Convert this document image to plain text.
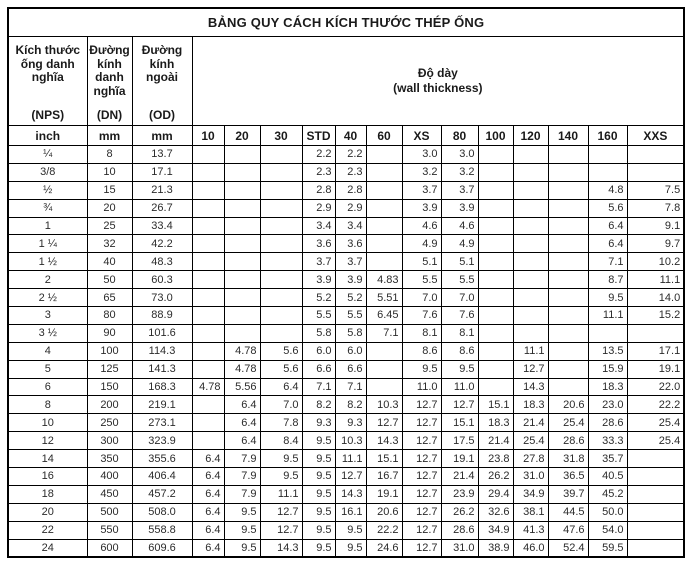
BẢNG QUY CÁCH KÍCH THƯỚC THÉP ỐNG															

Kích thước ống danh nghĩa
(NPS)

Đường kính danh nghĩa
(DN)

Đường kính ngoài
(OD)

Độ dày
(wall thickness)

inch	mm	mm	10	20	30	STD	40	60	XS	80	100	120	140	160	XXS
¼	8	13.7				2.2	2.2		3.0	3.0					
3/8	10	17.1				2.3	2.3		3.2	3.2					
½	15	21.3				2.8	2.8		3.7	3.7				4.8	7.5
¾	20	26.7				2.9	2.9		3.9	3.9				5.6	7.8
1	25	33.4				3.4	3.4		4.6	4.6				6.4	9.1
1 ¼	32	42.2				3.6	3.6		4.9	4.9				6.4	9.7
1 ½	40	48.3				3.7	3.7		5.1	5.1				7.1	10.2
2	50	60.3				3.9	3.9	4.83	5.5	5.5				8.7	11.1
2 ½	65	73.0				5.2	5.2	5.51	7.0	7.0				9.5	14.0
3	80	88.9				5.5	5.5	6.45	7.6	7.6				11.1	15.2
3 ½	90	101.6				5.8	5.8	7.1	8.1	8.1					
4	100	114.3		4.78	5.6	6.0	6.0		8.6	8.6		11.1		13.5	17.1
5	125	141.3		4.78	5.6	6.6	6.6		9.5	9.5		12.7		15.9	19.1
6	150	168.3	4.78	5.56	6.4	7.1	7.1		11.0	11.0		14.3		18.3	22.0
8	200	219.1		6.4	7.0	8.2	8.2	10.3	12.7	12.7	15.1	18.3	20.6	23.0	22.2
10	250	273.1		6.4	7.8	9.3	9.3	12.7	12.7	15.1	18.3	21.4	25.4	28.6	25.4
12	300	323.9		6.4	8.4	9.5	10.3	14.3	12.7	17.5	21.4	25.4	28.6	33.3	25.4
14	350	355.6	6.4	7.9	9.5	9.5	11.1	15.1	12.7	19.1	23.8	27.8	31.8	35.7	
16	400	406.4	6.4	7.9	9.5	9.5	12.7	16.7	12.7	21.4	26.2	31.0	36.5	40.5	
18	450	457.2	6.4	7.9	11.1	9.5	14.3	19.1	12.7	23.9	29.4	34.9	39.7	45.2	
20	500	508.0	6.4	9.5	12.7	9.5	16.1	20.6	12.7	26.2	32.6	38.1	44.5	50.0	
22	550	558.8	6.4	9.5	12.7	9.5	9.5	22.2	12.7	28.6	34.9	41.3	47.6	54.0	
24	600	609.6	6.4	9.5	14.3	9.5	9.5	24.6	12.7	31.0	38.9	46.0	52.4	59.5	
